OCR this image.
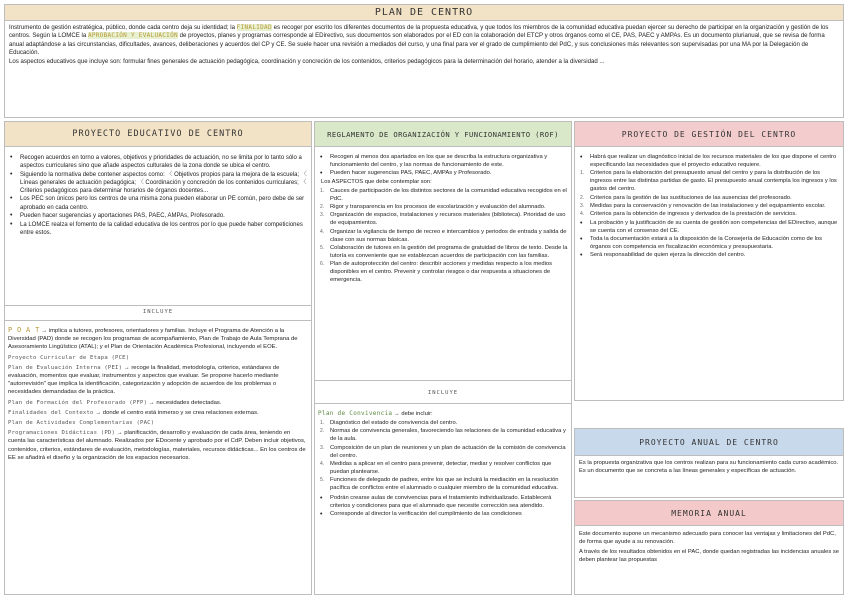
PLAN DE CENTRO

Instrumento de gestión estratégica, público, donde cada centro deja su identidad; la FINALIDAD es recoger por escrito los diferentes documentos de la propuesta educativa, y que todos los miembros de la comunidad educativa puedan ejercer su derecho de participar en la organización y gestión de los centros. Según la LOMCE la APROBACIÓN Y EVALUACIÓN de proyectos, planes y programas corresponde al EDirectivo, sus documentos son elaborados por el ED con la colaboración del ETCP y otros órganos como el CE, PAS, PAEC y AMPAs. Es un documento plurianual, que se revisa de forma anual adaptándose a las circunstancias, dificultades, avances, deliberaciones y acuerdos del CP y CE. Se suele hacer una revisión a mediados del curso, y una final para ver el grado de cumplimiento del PdC, y sus conclusiones más relevantes son supervisadas por una MA por la Delegación de Educación.

Los aspectos educativos que incluye son: formular fines generales de actuación pedagógica, coordinación y concreción de los contenidos, criterios pedagógicos para la determinación del horario, atender a la diversidad ...

PROYECTO EDUCATIVO DE CENTRO
• Recogen acuerdos en torno a valores, objetivos y prioridades de actuación, no se limita por lo tanto sólo a aspectos curriculares sino que añade aspectos culturales de la zona donde se ubica el centro.
• Siguiendo la normativa debe contener aspectos como: 〈 Objetivos propios para la mejora de la escuela; 〈 Líneas generales de actuación pedagógica; 〈 Coordinación y concreción de los contenidos curriculares; 〈 Criterios pedagógicos para determinar horarios de órganos docentes...
• Los PEC son únicos pero los centros de una misma zona pueden elaborar un PE común, pero debe de ser aprobado en cada centro.
• Pueden hacer sugerencias y aportaciones PAS, PAEC, AMPAs, Profesorado.
• La LOMCE realza el fomento de la calidad educativa de los centros por lo que puede haber competiciones entre estos.
INCLUYE

P O A T → implica a tutores, profesores, orientadores y familias. Incluye el Programa de Atención a la Diversidad (PAD) donde se recogen los programas de acompañamiento, Plan de Trabajo de Aula Temprana de Asesoramiento Lingüístico (ATAL); y el Plan de Orientación Académica Profesional, incluyendo el EOE.

Proyecto Curricular de Etapa (PCE)

Plan de Evaluación Interna (PEI) → recoge la finalidad, metodología, criterios, estándares de evaluación, momentos que evaluar, instrumentos y aspectos que evaluar. Se propone hacerlo mediante "autorrevisión" que implica la identificación, categorización y adopción de acuerdos de los problemas o necesidades demandadas de la práctica.

Plan de Formación del Profesorado (PFP) → necesidades detectadas.

Finalidades del Contexto → donde el centro está inmerso y se crea relaciones externas.

Plan de Actividades Complementarias (PAC)

Programaciones Didácticas (PD) → planificación, desarrollo y evaluación de cada área, teniendo en cuenta las características del alumnado. Realizados por EDocente y aprobado por el CdP. Deben incluir objetivos, contenidos, criterios, estándares de evaluación, metodologías, materiales, recursos didácticas... En los centros de EE se añadirá el diseño y la organización de los espacios necesarios.

REGLAMENTO DE ORGANIZACIÓN Y FUNCIONAMIENTO (ROF)
• Recogen al menos dos apartados en los que se describa la estructura organizativa y funcionamiento del centro, y las normas de funcionamiento de este.
• Pueden hacer sugerencias PAS, PAEC, AMPAs y Profesorado.

Los ASPECTOS que debe contemplar son:

1. Cauces de participación de los distintos sectores de la comunidad educativa recogidos en el PdC.
2. Rigor y transparencia en los procesos de escolarización y evaluación del alumnado.
3. Organización de espacios, instalaciones y recursos materiales (biblioteca). Prioridad de uso de equipamientos.
4. Organizar la vigilancia de tiempo de recreo e intercambios y periodos de entrada y salida de clase con sus normas básicas.
5. Colaboración de tutores en la gestión del programa de gratuidad de libros de texto. Desde la tutoría es conveniente que se establezcan acuerdos de participación con las familias.
6. Plan de autoprotección del centro: describir acciones y medidas respecto a los medios disponibles en el centro. Prevenir y controlar riesgos o dar respuesta a situaciones de emergencia.
INCLUYE

Plan de Convivencia → debe incluir:

1. Diagnóstico del estado de convivencia del centro.
2. Normas de convivencia generales, favoreciendo las relaciones de la comunidad educativa y de la aula.
3. Composición de un plan de reuniones y un plan de actuación de la comisión de convivencia del centro.
4. Medidas a aplicar en el centro para prevenir, detectar, mediar y resolver conflictos que puedan plantearse.
5. Funciones de delegado de padres, entre los que se incluirá la mediación en la resolución pacífica de conflictos entre el alumnado o cualquier miembro de la comunidad educativa.
• Podrán crearse aulas de convivencias para el tratamiento individualizado. Establecerá criterios y condiciones para que el alumnado que necesite corrección sea atendido.
• Corresponde al director la verificación del cumplimiento de las condiciones
PROYECTO DE GESTIÓN DEL CENTRO
• Habrá que realizar un diagnóstico inicial de los recursos materiales de los que dispone el centro especificando las necesidades que el proyecto educativo requiere.
1. Criterios para la elaboración del presupuesto anual del centro y para la distribución de los ingresos entre las distintas partidas de gasto. El presupuesto anual contempla los ingresos y los gastos del centro.
2. Criterios para la gestión de las sustituciones de las ausencias del profesorado.
3. Medidas para la conservación y renovación de las instalaciones y del equipamiento escolar.
4. Criterios para la obtención de ingresos y derivados de la prestación de servicios.
• La probación y la justificación de su cuenta de gestión son competencias del EDirectivo, aunque se cuenta con el consenso del CE.
• Toda la documentación estará a la disposición de la Consejería de Educación como de los órganos con competencia en fiscalización económica y presupuestaria.
• Será responsabilidad de quien ejerza la dirección del centro.
PROYECTO ANUAL DE CENTRO

Es la propuesta organizativa que los centros realizan para su funcionamiento cada curso académico. Es un documento que se concreta a las líneas generales y específicas de actuación.

MEMORIA ANUAL

Este documento supone un mecanismo adecuado para conocer las ventajas y limitaciones del PdC, de forma que ayude a su renovación.

A través de los resultados obtenidos en el PAC, donde quedan registradas las incidencias anuales se deben plantear las propuestas
